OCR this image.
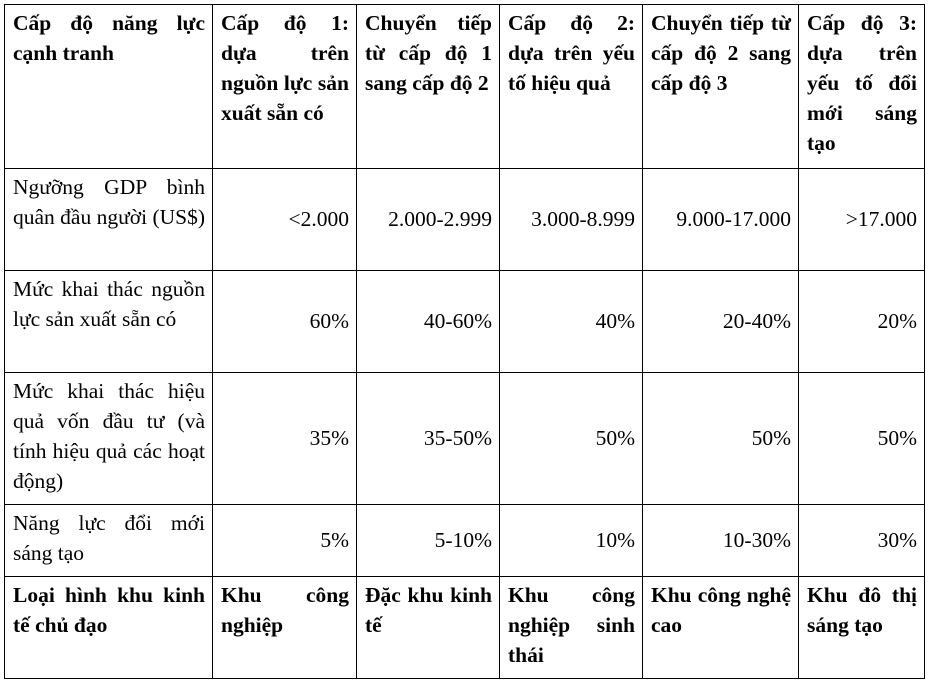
Cấp độ năng lực cạnh tranh	Cấp độ 1: dựa trên nguồn lực sản xuất sẵn có	Chuyển tiếp từ cấp độ 1 sang cấp độ 2	Cấp độ 2: dựa trên yếu tố hiệu quả	Chuyển tiếp từ cấp độ 2 sang cấp độ 3	Cấp độ 3: dựa trên yếu tố đổi mới sáng tạo
Ngưỡng GDP bình quân đầu người (US$)	<2.000	2.000-2.999	3.000-8.999	9.000-17.000	>17.000
Mức khai thác nguồn lực sản xuất sẵn có	60%	40-60%	40%	20-40%	20%
Mức khai thác hiệu quả vốn đầu tư (và tính hiệu quả các hoạt động)	35%	35-50%	50%	50%	50%
Năng lực đổi mới sáng tạo	5%	5-10%	10%	10-30%	30%
Loại hình khu kinh tế chủ đạo	Khu công nghiệp	Đặc khu kinh tế	Khu công nghiệp sinh thái	Khu công nghệ cao	Khu đô thị sáng tạo
